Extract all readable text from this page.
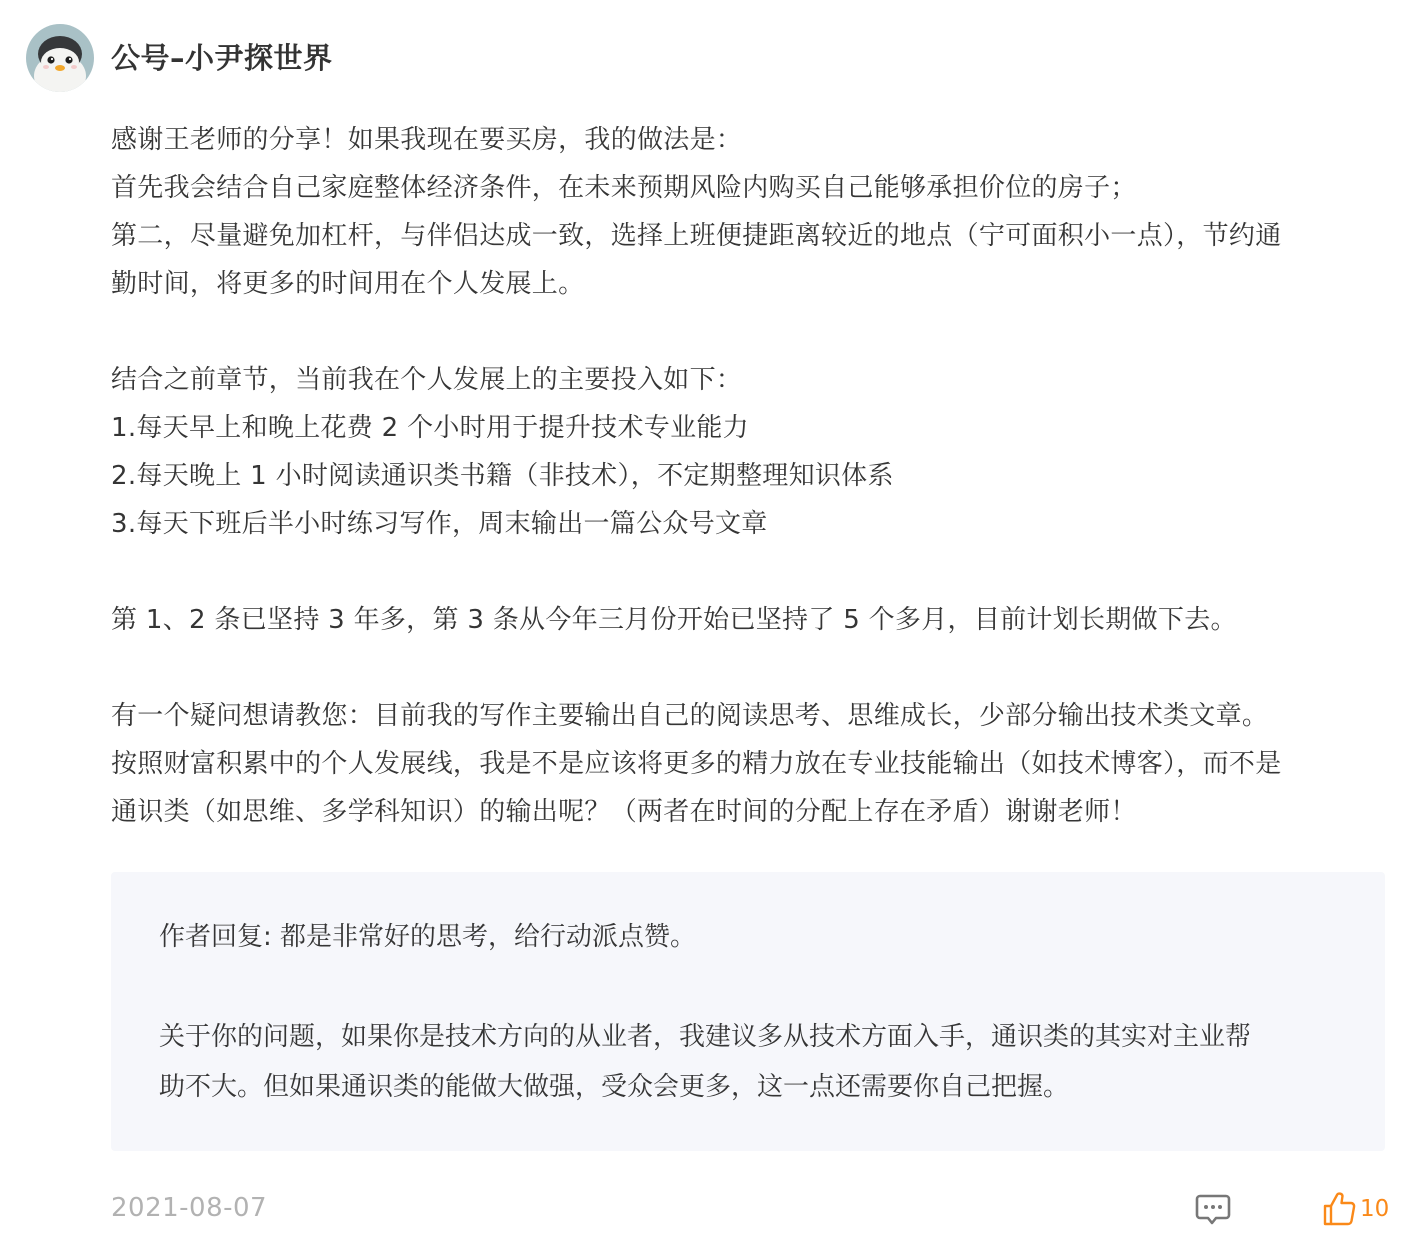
公号–小尹探世界
感谢王老师的分享！如果我现在要买房，我的做法是：
首先我会结合自己家庭整体经济条件，在未来预期风险内购买自己能够承担价位的房子；
第二，尽量避免加杠杆，与伴侣达成一致，选择上班便捷距离较近的地点（宁可面积小一点），节约通
勤时间，将更多的时间用在个人发展上。
结合之前章节，当前我在个人发展上的主要投入如下：
1.每天早上和晚上花费 2 个小时用于提升技术专业能力
2.每天晚上 1 小时阅读通识类书籍（非技术），不定期整理知识体系
3.每天下班后半小时练习写作，周末输出一篇公众号文章
第 1、2 条已坚持 3 年多，第 3 条从今年三月份开始已坚持了 5 个多月，目前计划长期做下去。
有一个疑问想请教您：目前我的写作主要输出自己的阅读思考、思维成长，少部分输出技术类文章。
按照财富积累中的个人发展线，我是不是应该将更多的精力放在专业技能输出（如技术博客），而不是
通识类（如思维、多学科知识）的输出呢？（两者在时间的分配上存在矛盾）谢谢老师！
作者回复: 都是非常好的思考，给行动派点赞。
关于你的问题，如果你是技术方向的从业者，我建议多从技术方面入手，通识类的其实对主业帮
助不大。但如果通识类的能做大做强，受众会更多，这一点还需要你自己把握。
2021-08-07	10
